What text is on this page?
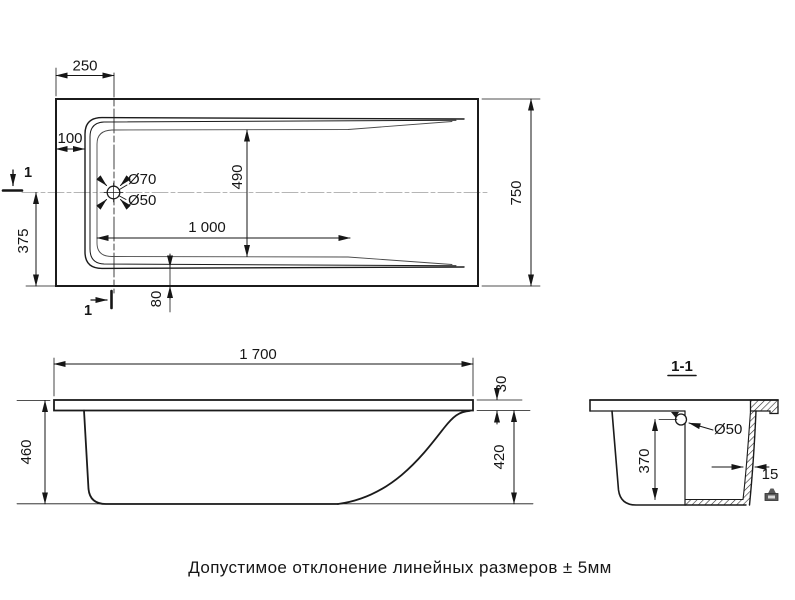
Ø70
Ø50
250
100
490
1 000
375
750
80
1
1
1 700
460
30
420
1-1
370
Ø50
15
Допустимое отклонение линейных размеров ± 5мм
